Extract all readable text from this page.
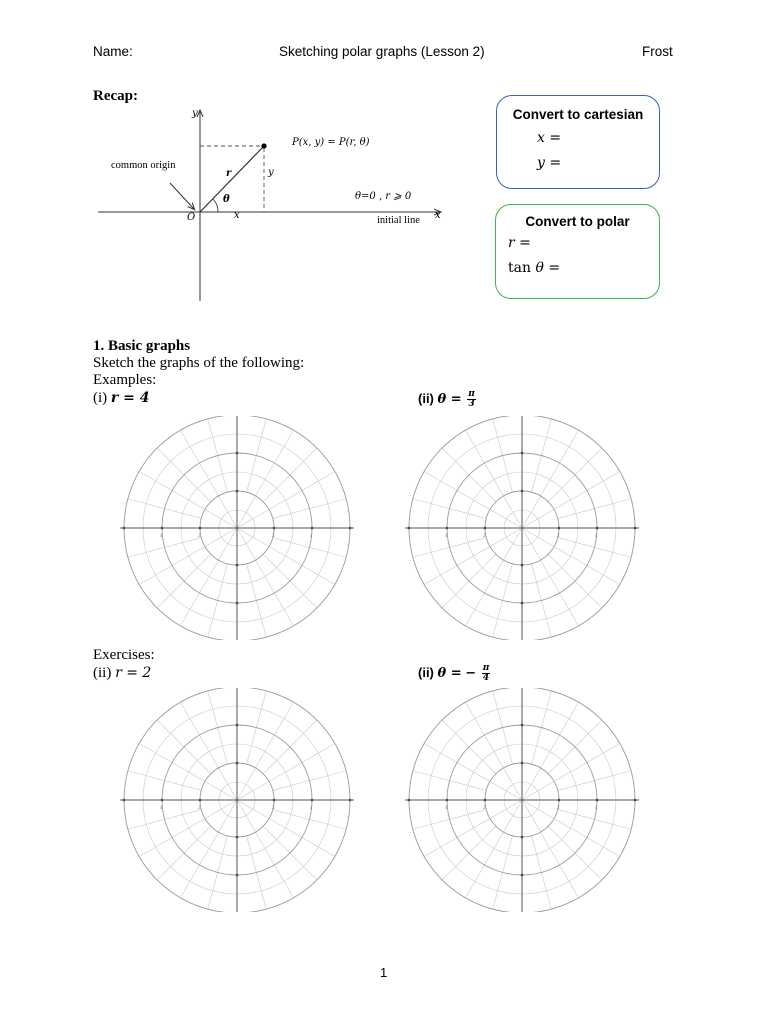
Name:	Sketching polar graphs (Lesson 2)	Frost
Recap:
y
x
P(x, y) = P(r, θ)
common origin
r
θ
y
x
O
θ=0 , r ⩾ 0
initial line
Convert to cartesian
x =
y =
Convert to polar
r =
tan θ =
1. Basic graphs
Sketch the graphs of the following:
Examples:
(i) r = 4	(ii) $\theta = \frac{\pi}{3}$
4	2	2	4	4	2	2	4
Exercises:
(ii) r = 2	(ii) θ = − $\frac{\pi}{4}$
4	2	2	4	4	2	2	4
1
